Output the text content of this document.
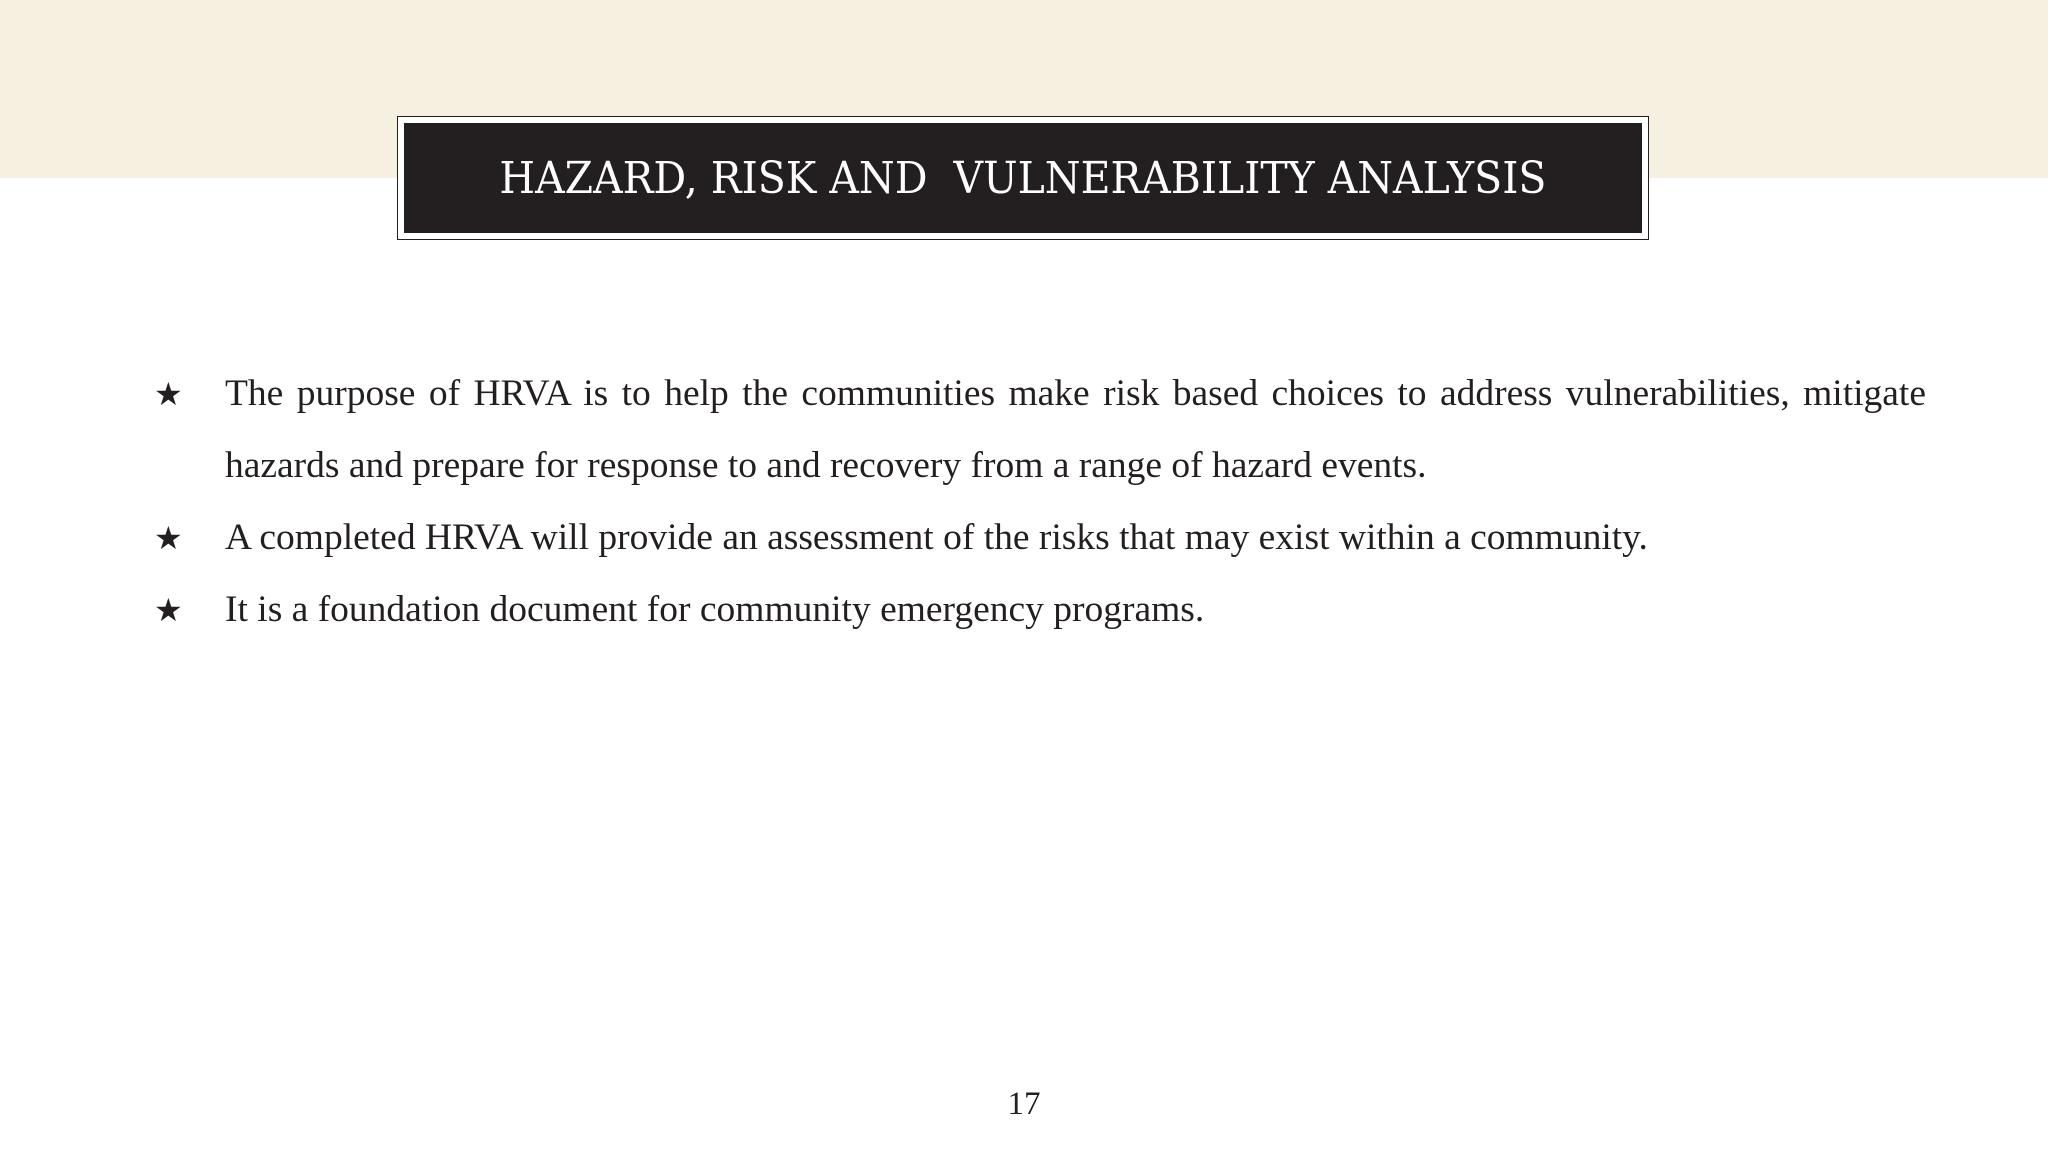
HAZARD, RISK AND  VULNERABILITY ANALYSIS
★ The purpose of HRVA is to help the communities make risk based choices to address vulnerabilities, mitigate hazards and prepare for response to and recovery from a range of hazard events.
★ A completed HRVA will provide an assessment of the risks that may exist within a community.
★ It is a foundation document for community emergency programs.
17
